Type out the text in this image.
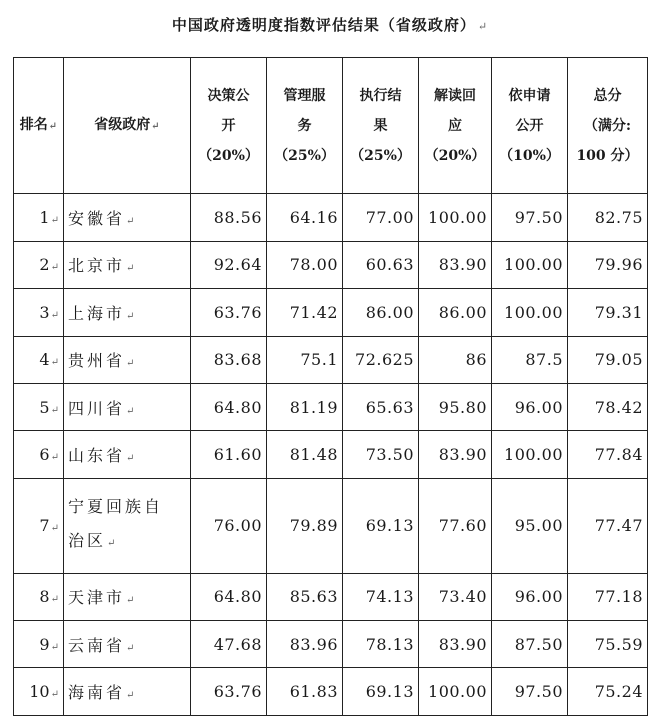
中国政府透明度指数评估结果（省级政府） ↵
排名↵	省级政府↵	决策公
开
（20%）	管理服
务
（25%）	执行结
果
（25%）	解读回
应
（20%）	依申请
公开
（10%）	总分
（满分:
100 分）

1↵	安徽省↵	88.56	64.16	77.00	100.00	97.50	82.75
2↵	北京市↵	92.64	78.00	60.63	83.90	100.00	79.96
3↵	上海市↵	63.76	71.42	86.00	86.00	100.00	79.31
4↵	贵州省↵	83.68	75.1	72.625	86	87.5	79.05
5↵	四川省↵	64.80	81.19	65.63	95.80	96.00	78.42
6↵	山东省↵	61.60	81.48	73.50	83.90	100.00	77.84
7↵	宁夏回族自
治区↵	76.00	79.89	69.13	77.60	95.00	77.47
8↵	天津市↵	64.80	85.63	74.13	73.40	96.00	77.18
9↵	云南省↵	47.68	83.96	78.13	83.90	87.50	75.59
10↵	海南省↵	63.76	61.83	69.13	100.00	97.50	75.24
